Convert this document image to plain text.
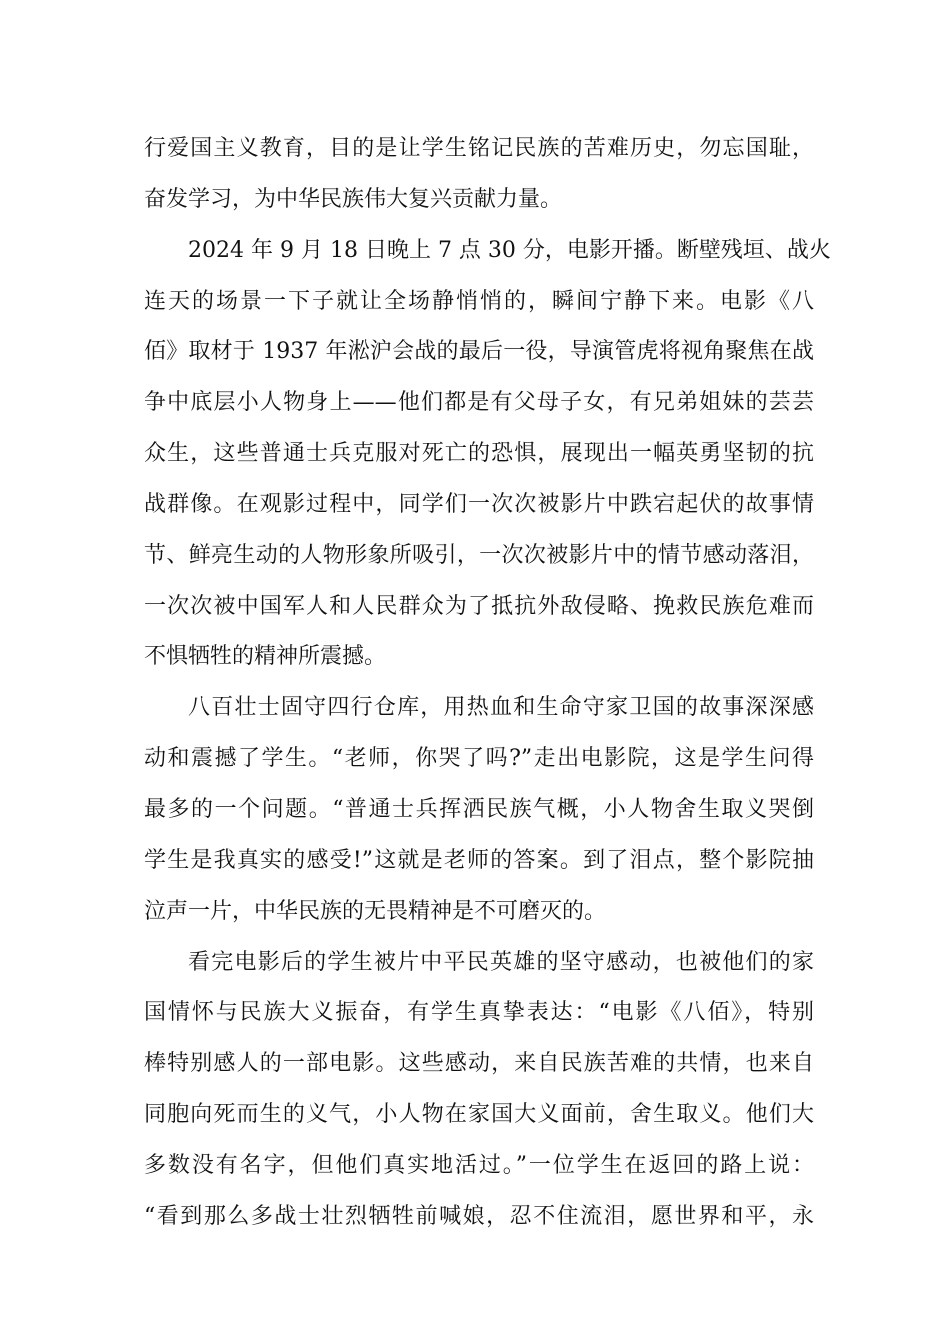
行爱国主义教育，目的是让学生铭记民族的苦难历史，勿忘国耻，
奋发学习，为中华民族伟大复兴贡献力量。
2024 年 9 月 18 日晚上 7 点 30 分，电影开播。断壁残垣、战火
连天的场景一下子就让全场静悄悄的，瞬间宁静下来。电影《八
佰》取材于 1937 年淞沪会战的最后一役，导演管虎将视角聚焦在战
争中底层小人物身上——他们都是有父母子女，有兄弟姐妹的芸芸
众生，这些普通士兵克服对死亡的恐惧，展现出一幅英勇坚韧的抗
战群像。在观影过程中，同学们一次次被影片中跌宕起伏的故事情
节、鲜亮生动的人物形象所吸引，一次次被影片中的情节感动落泪，
一次次被中国军人和人民群众为了抵抗外敌侵略、挽救民族危难而
不惧牺牲的精神所震撼。
八百壮士固守四行仓库，用热血和生命守家卫国的故事深深感
动和震撼了学生。“老师，你哭了吗?”走出电影院，这是学生问得
最多的一个问题。“普通士兵挥洒民族气概，小人物舍生取义哭倒
学生是我真实的感受!”这就是老师的答案。到了泪点，整个影院抽
泣声一片，中华民族的无畏精神是不可磨灭的。
看完电影后的学生被片中平民英雄的坚守感动，也被他们的家
国情怀与民族大义振奋，有学生真挚表达：“电影《八佰》，特别
棒特别感人的一部电影。这些感动，来自民族苦难的共情，也来自
同胞向死而生的义气，小人物在家国大义面前，舍生取义。他们大
多数没有名字，但他们真实地活过。”一位学生在返回的路上说：
“看到那么多战士壮烈牺牲前喊娘，忍不住流泪，愿世界和平，永
